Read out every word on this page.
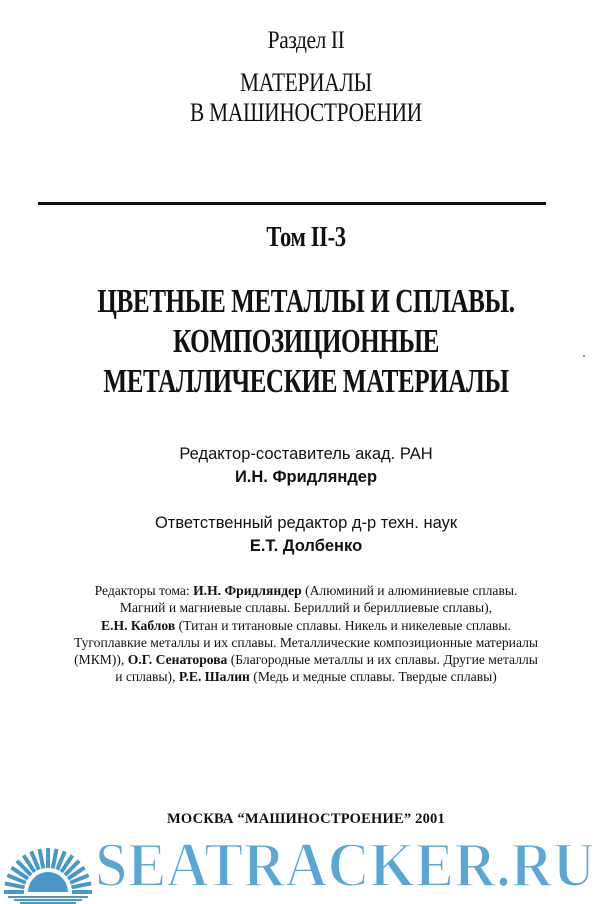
Раздел II
МАТЕРИАЛЫ
В МАШИНОСТРОЕНИИ
Том II-3
ЦВЕТНЫЕ МЕТАЛЛЫ И СПЛАВЫ.
КОМПОЗИЦИОННЫЕ
МЕТАЛЛИЧЕСКИЕ МАТЕРИАЛЫ
Редактор-составитель акад. РАН
И.Н. Фридляндер
Ответственный редактор д-р техн. наук
Е.Т. Долбенко
Редакторы тома: И.Н. Фридляндер (Алюминий и алюминиевые сплавы.
Магний и магниевые сплавы. Бериллий и бериллиевые сплавы),
Е.Н. Каблов (Титан и титановые сплавы. Никель и никелевые сплавы.
Тугоплавкие металлы и их сплавы. Металлические композиционные материалы
(МКМ)), О.Г. Сенаторова (Благородные металлы и их сплавы. Другие металлы
и сплавы), Р.Е. Шалин (Медь и медные сплавы. Твердые сплавы)
МОСКВА “МАШИНОСТРОЕНИЕ” 2001
SEATRACKER.RU
